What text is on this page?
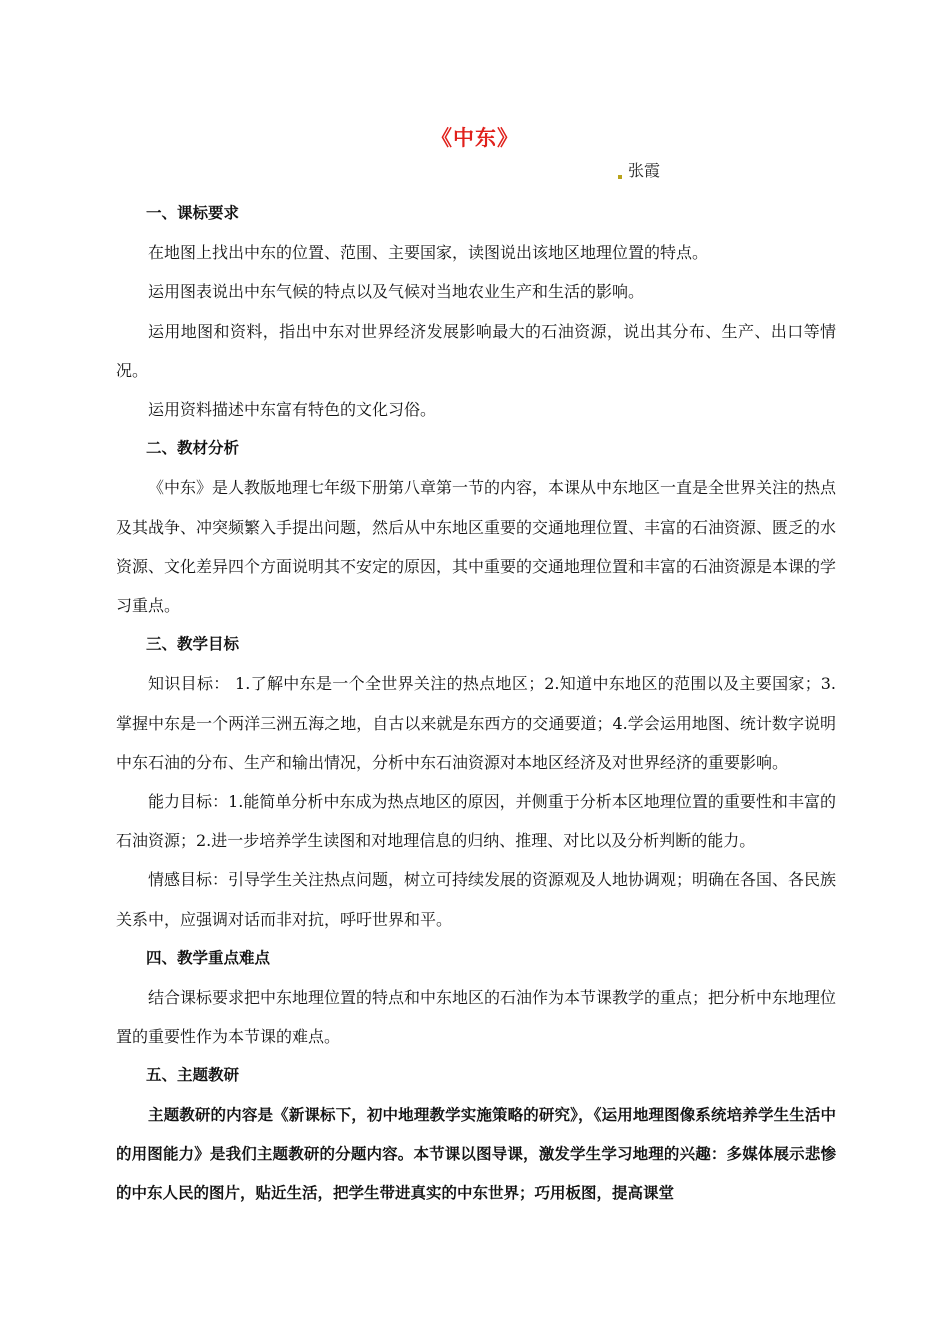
《中东》
张霞

一、课标要求

在地图上找出中东的位置、范围、主要国家，读图说出该地区地理位置的特点。

运用图表说出中东气候的特点以及气候对当地农业生产和生活的影响。

运用地图和资料，指出中东对世界经济发展影响最大的石油资源，说出其分布、生产、出口等情况。

运用资料描述中东富有特色的文化习俗。

二、教材分析

《中东》是人教版地理七年级下册第八章第一节的内容，本课从中东地区一直是全世界关注的热点及其战争、冲突频繁入手提出问题，然后从中东地区重要的交通地理位置、丰富的石油资源、匮乏的水资源、文化差异四个方面说明其不安定的原因，其中重要的交通地理位置和丰富的石油资源是本课的学习重点。

三、教学目标

知识目标： 1.了解中东是一个全世界关注的热点地区；2.知道中东地区的范围以及主要国家；3.掌握中东是一个两洋三洲五海之地，自古以来就是东西方的交通要道；4.学会运用地图、统计数字说明中东石油的分布、生产和输出情况，分析中东石油资源对本地区经济及对世界经济的重要影响。

能力目标：1.能简单分析中东成为热点地区的原因，并侧重于分析本区地理位置的重要性和丰富的石油资源；2.进一步培养学生读图和对地理信息的归纳、推理、对比以及分析判断的能力。

情感目标：引导学生关注热点问题，树立可持续发展的资源观及人地协调观；明确在各国、各民族关系中，应强调对话而非对抗，呼吁世界和平。

四、教学重点难点

结合课标要求把中东地理位置的特点和中东地区的石油作为本节课教学的重点；把分析中东地理位置的重要性作为本节课的难点。

五、主题教研

主题教研的内容是《新课标下，初中地理教学实施策略的研究》，《运用地理图像系统培养学生生活中的用图能力》是我们主题教研的分题内容。本节课以图导课，激发学生学习地理的兴趣：多媒体展示悲惨的中东人民的图片，贴近生活，把学生带进真实的中东世界；巧用板图，提高课堂
